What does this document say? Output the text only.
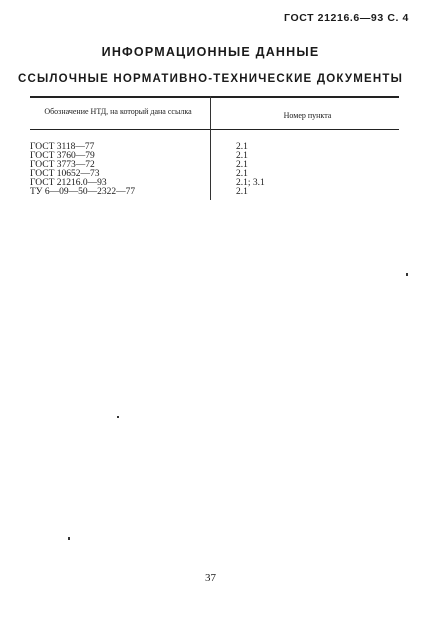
ГОСТ 21216.6—93 С. 4
ИНФОРМАЦИОННЫЕ ДАННЫЕ
ССЫЛОЧНЫЕ НОРМАТИВНО-ТЕХНИЧЕСКИЕ ДОКУМЕНТЫ
Обозначение НТД, на который дана ссылка	Номер пункта
ГОСТ 3118—77	2.1
ГОСТ 3760—79	2.1
ГОСТ 3773—72	2.1
ГОСТ 10652—73	2.1
ГОСТ 21216.0—93	2.1; 3.1
ТУ 6—09—50—2322—77	2.1
37
